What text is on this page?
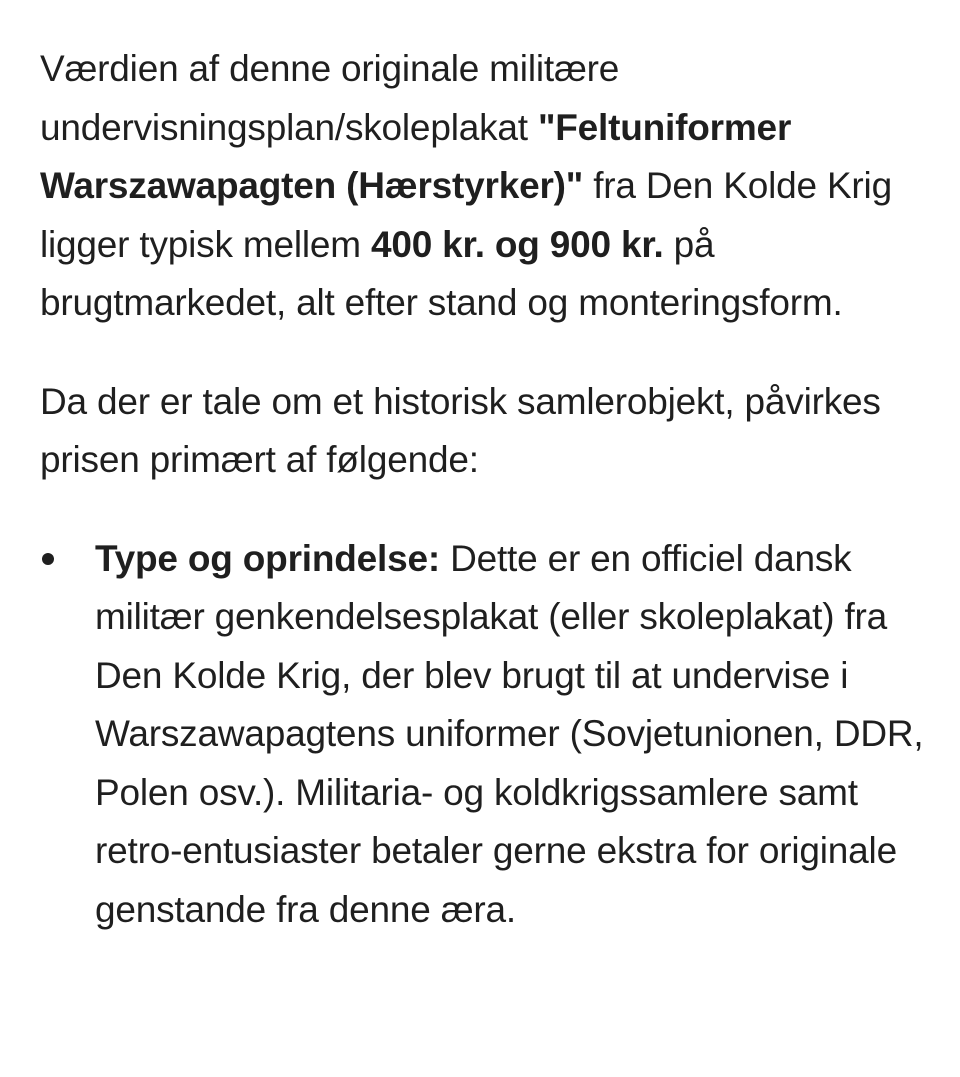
Værdien af denne originale militære undervisningsplan/skoleplakat "Feltuniformer Warszawapagten (Hærstyrker)" fra Den Kolde Krig ligger typisk mellem 400 kr. og 900 kr. på brugtmarkedet, alt efter stand og monteringsform.

Da der er tale om et historisk samlerobjekt, påvirkes prisen primært af følgende:

Type og oprindelse: Dette er en officiel dansk militær genkendelsesplakat (eller skoleplakat) fra Den Kolde Krig, der blev brugt til at undervise i Warszawapagtens uniformer (Sovjetunionen, DDR, Polen osv.). Militaria- og koldkrigssamlere samt retro-entusiaster betaler gerne ekstra for originale genstande fra denne æra.
